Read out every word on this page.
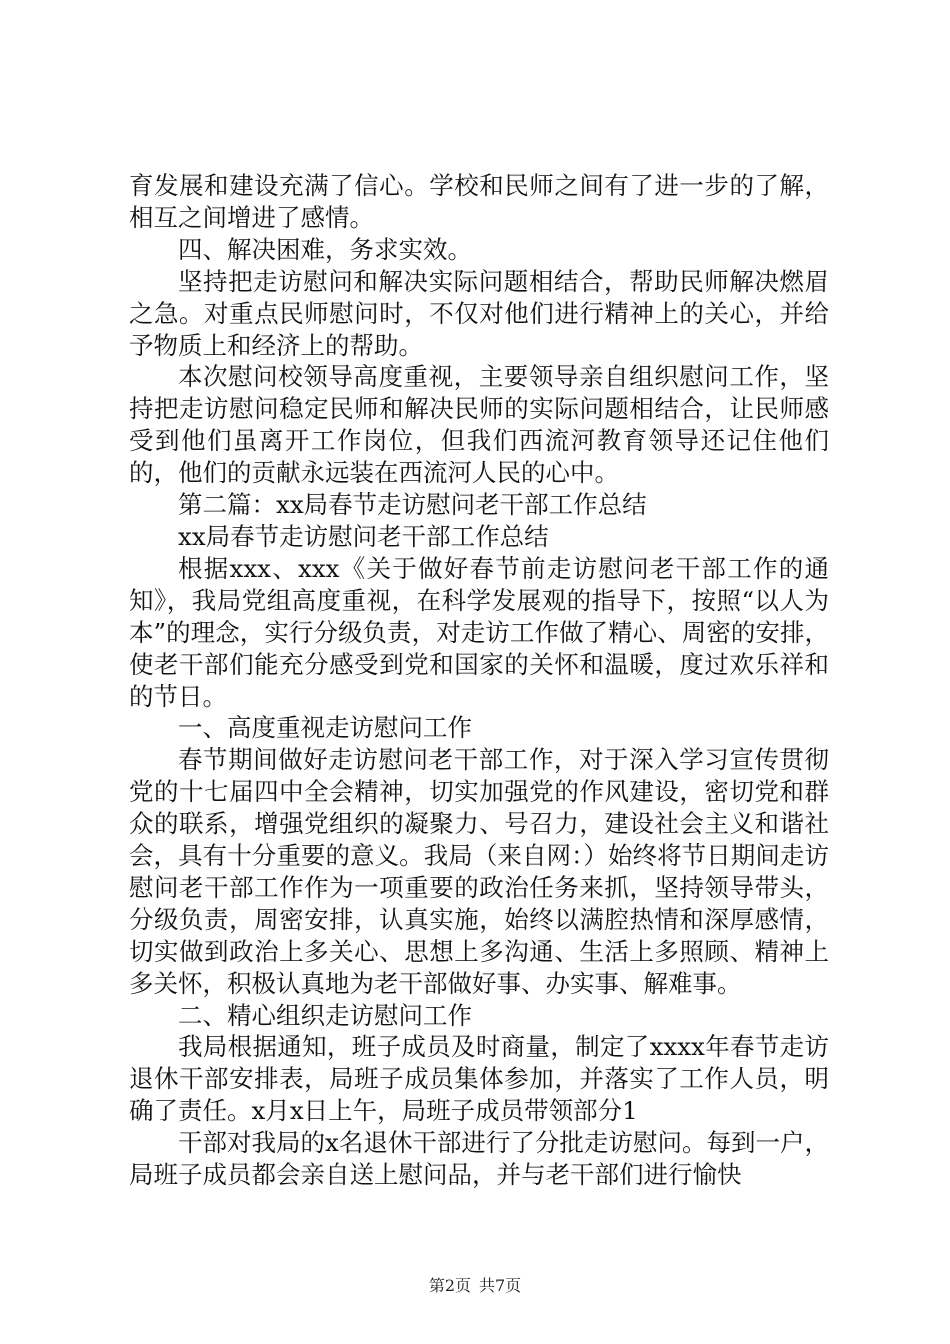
育发展和建设充满了信心。学校和民师之间有了进一步的了解，相互之间增进了感情。

四、解决困难，务求实效。

坚持把走访慰问和解决实际问题相结合，帮助民师解决燃眉之急。对重点民师慰问时，不仅对他们进行精神上的关心，并给予物质上和经济上的帮助。

本次慰问校领导高度重视，主要领导亲自组织慰问工作，坚持把走访慰问稳定民师和解决民师的实际问题相结合，让民师感受到他们虽离开工作岗位，但我们西流河教育领导还记住他们的，他们的贡献永远装在西流河人民的心中。

第二篇：xx局春节走访慰问老干部工作总结

xx局春节走访慰问老干部工作总结

根据xxx、xxx《关于做好春节前走访慰问老干部工作的通知》，我局党组高度重视，在科学发展观的指导下，按照“以人为本”的理念，实行分级负责，对走访工作做了精心、周密的安排，使老干部们能充分感受到党和国家的关怀和温暖，度过欢乐祥和的节日。

一、高度重视走访慰问工作

春节期间做好走访慰问老干部工作，对于深入学习宣传贯彻党的十七届四中全会精神，切实加强党的作风建设，密切党和群众的联系，增强党组织的凝聚力、号召力，建设社会主义和谐社会，具有十分重要的意义。我局（来自网：）始终将节日期间走访慰问老干部工作作为一项重要的政治任务来抓，坚持领导带头，分级负责，周密安排，认真实施，始终以满腔热情和深厚感情，切实做到政治上多关心、思想上多沟通、生活上多照顾、精神上多关怀，积极认真地为老干部做好事、办实事、解难事。

二、精心组织走访慰问工作

我局根据通知，班子成员及时商量，制定了xxxx年春节走访退休干部安排表，局班子成员集体参加，并落实了工作人员，明确了责任。x月x日上午，局班子成员带领部分1

干部对我局的x名退休干部进行了分批走访慰问。每到一户，局班子成员都会亲自送上慰问品，并与老干部们进行愉快

第2页 共7页
